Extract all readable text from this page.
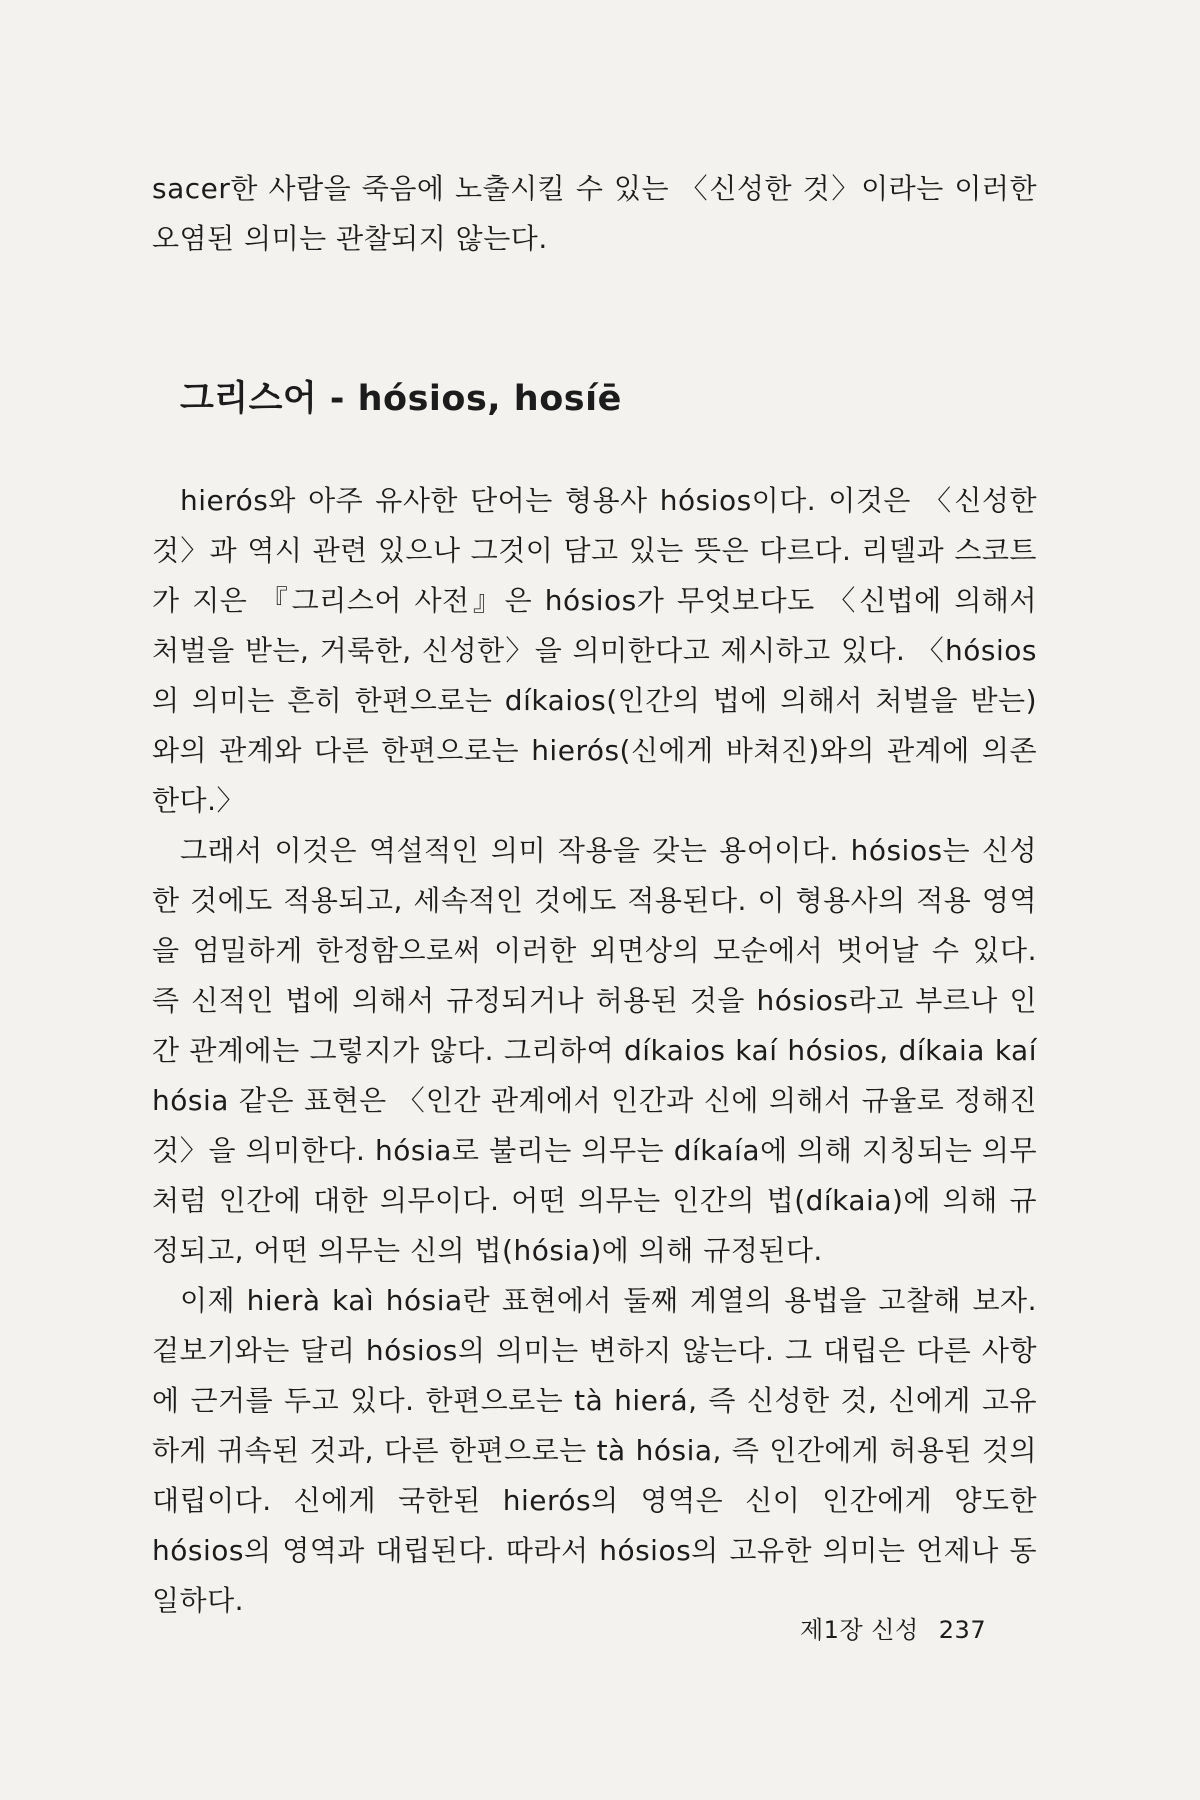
sacer한 사람을 죽음에 노출시킬 수 있는 〈신성한 것〉이라는 이러한 오염된 의미는 관찰되지 않는다.

그리스어 - hósios, hosíē

hierós와 아주 유사한 단어는 형용사 hósios이다. 이것은 〈신성한 것〉과 역시 관련 있으나 그것이 담고 있는 뜻은 다르다. 리델과 스코트가 지은 『그리스어 사전』은 hósios가 무엇보다도 〈신법에 의해서 처벌을 받는, 거룩한, 신성한〉을 의미한다고 제시하고 있다. 〈hósios의 의미는 흔히 한편으로는 díkaios(인간의 법에 의해서 처벌을 받는)와의 관계와 다른 한편으로는 hierós(신에게 바쳐진)와의 관계에 의존한다.〉

그래서 이것은 역설적인 의미 작용을 갖는 용어이다. hósios는 신성한 것에도 적용되고, 세속적인 것에도 적용된다. 이 형용사의 적용 영역을 엄밀하게 한정함으로써 이러한 외면상의 모순에서 벗어날 수 있다. 즉 신적인 법에 의해서 규정되거나 허용된 것을 hósios라고 부르나 인간 관계에는 그렇지가 않다. 그리하여 díkaios kaí hósios, díkaia kaí hósia 같은 표현은 〈인간 관계에서 인간과 신에 의해서 규율로 정해진 것〉을 의미한다. hósia로 불리는 의무는 díkaía에 의해 지칭되는 의무처럼 인간에 대한 의무이다. 어떤 의무는 인간의 법(díkaia)에 의해 규정되고, 어떤 의무는 신의 법(hósia)에 의해 규정된다.

이제 hierà kaì hósia란 표현에서 둘째 계열의 용법을 고찰해 보자. 겉보기와는 달리 hósios의 의미는 변하지 않는다. 그 대립은 다른 사항에 근거를 두고 있다. 한편으로는 tà hierá, 즉 신성한 것, 신에게 고유하게 귀속된 것과, 다른 한편으로는 tà hósia, 즉 인간에게 허용된 것의 대립이다. 신에게 국한된 hierós의 영역은 신이 인간에게 양도한 hósios의 영역과 대립된다. 따라서 hósios의 고유한 의미는 언제나 동일하다.

제1장 신성 237
